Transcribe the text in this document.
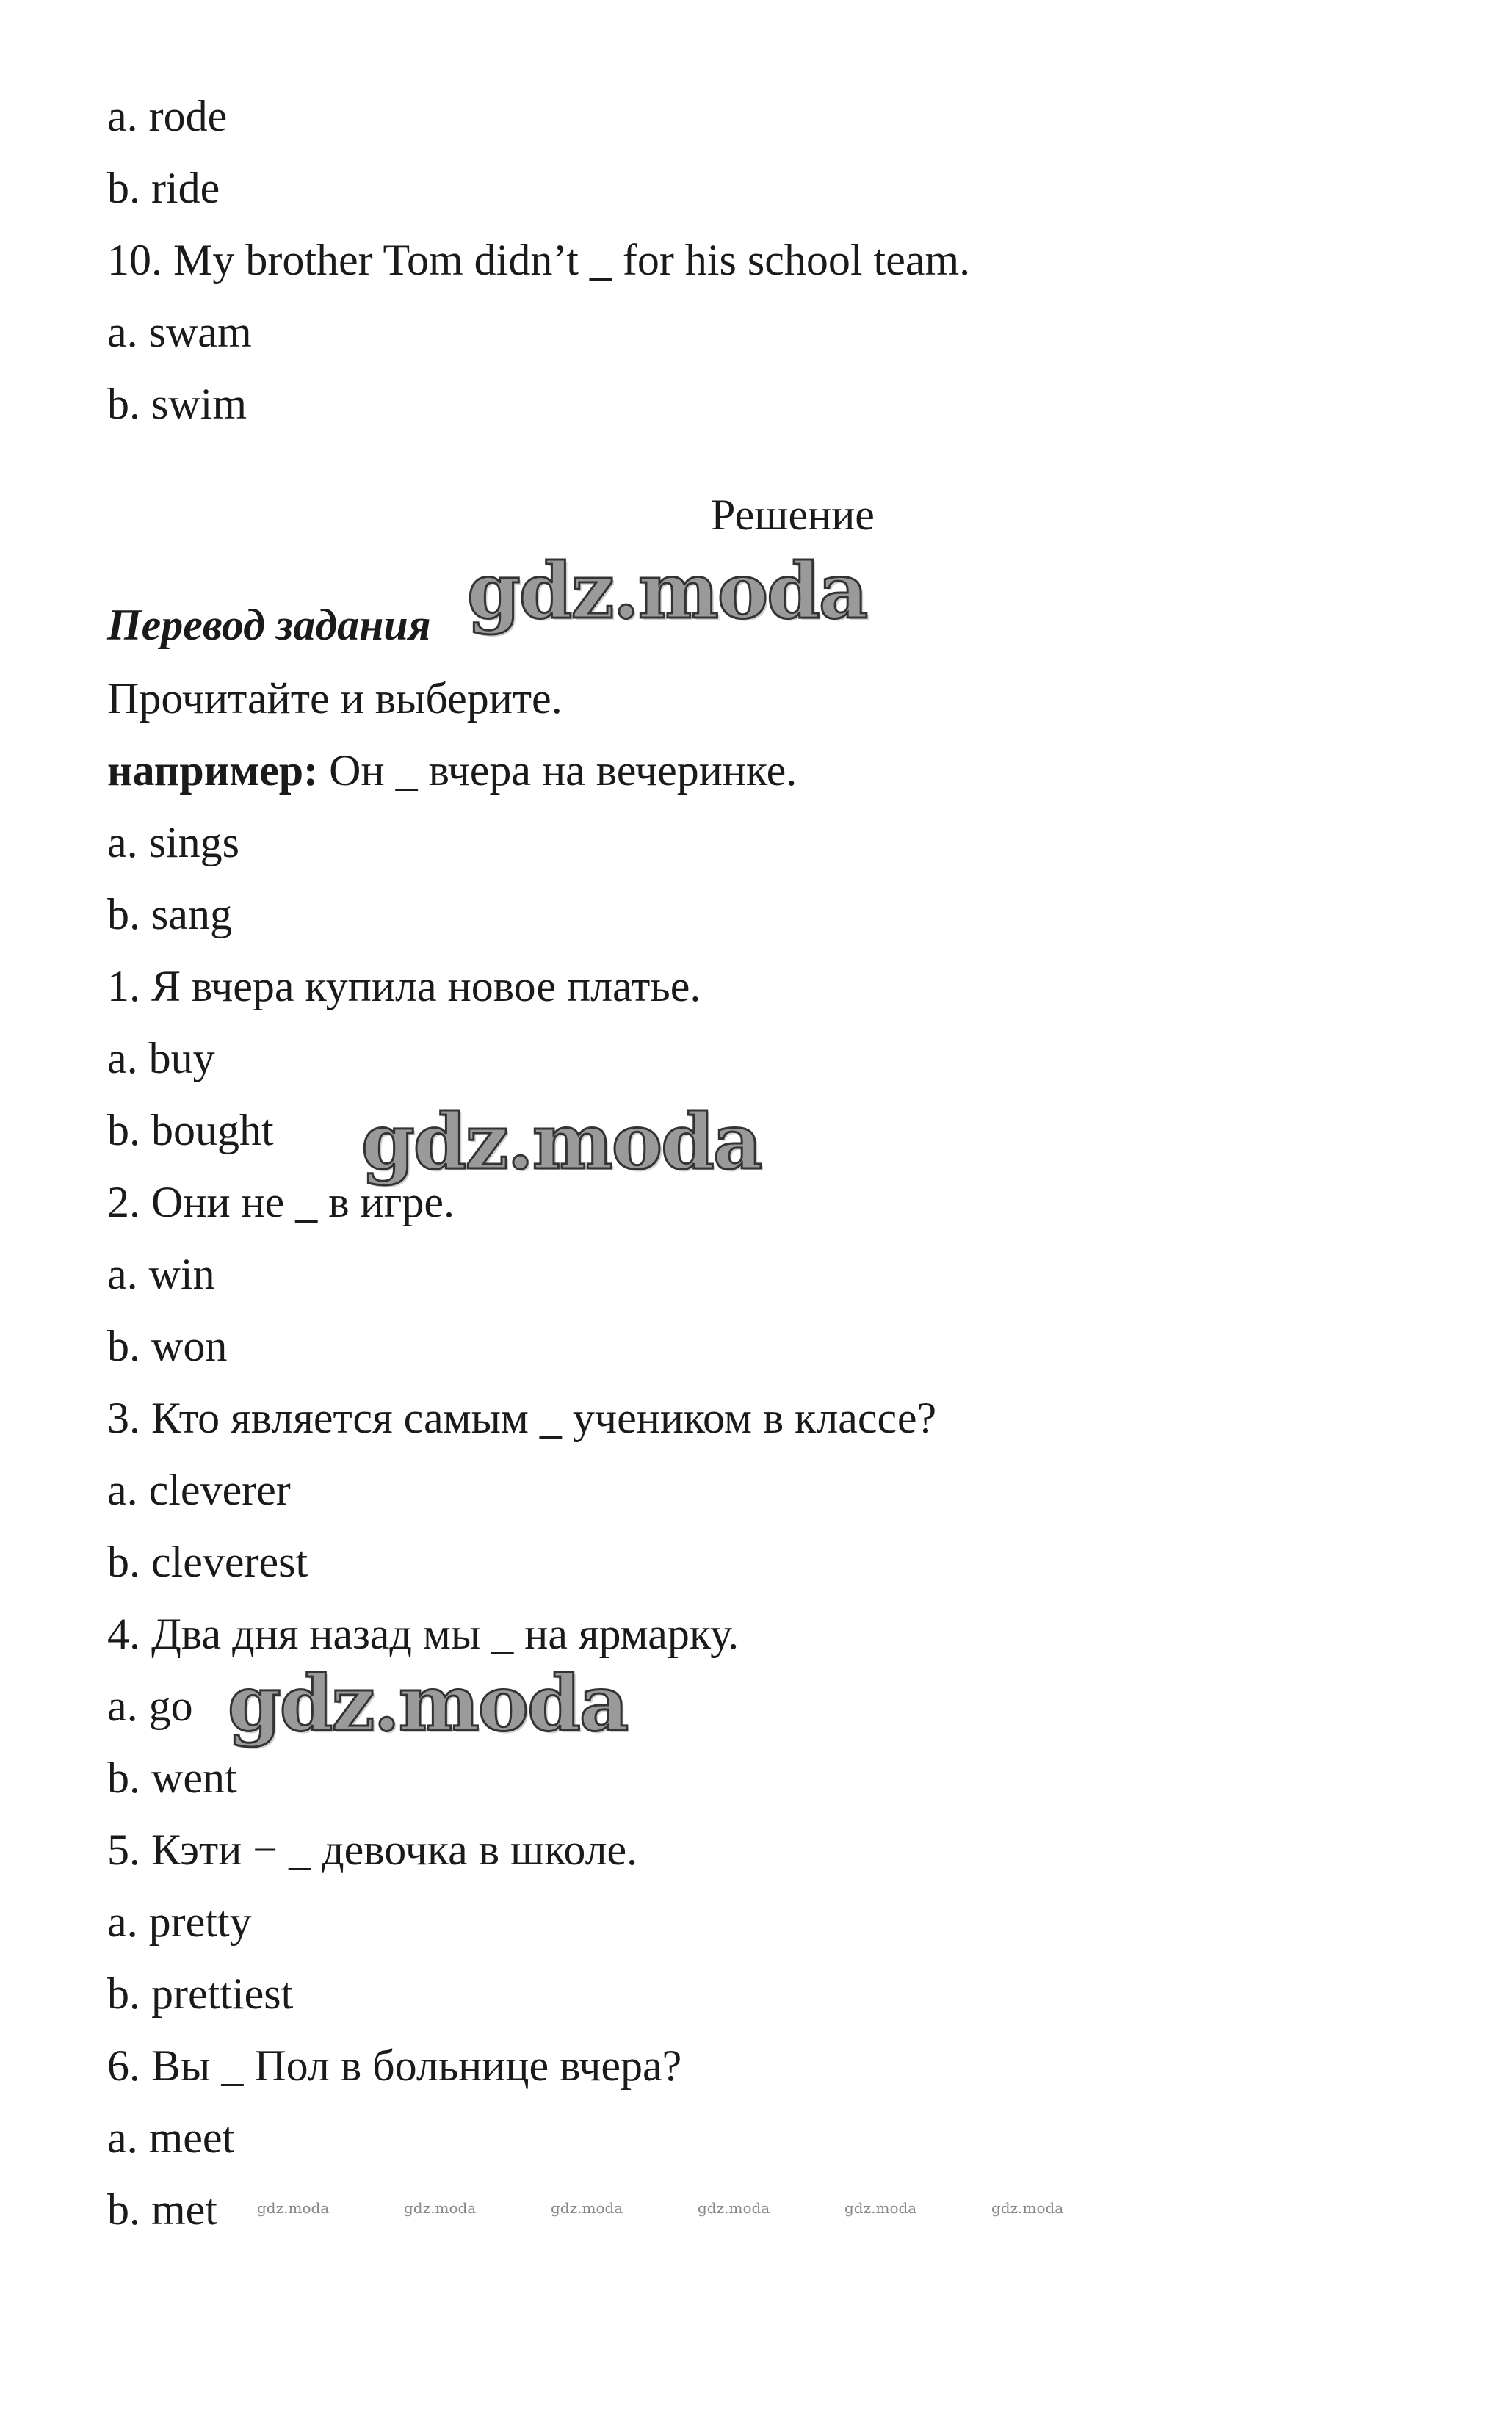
a. rode
b. ride
10. My brother Tom didn’t _ for his school team.
a. swam
b. swim
Решение
Перевод задания
Прочитайте и выберите.
например: Он _ вчера на вечеринке.
a. sings
b. sang
1. Я вчера купила новое платье.
a. buy
b. bought
2. Они не _ в игре.
a. win
b. won
3. Кто является самым _ учеником в классе?
a. cleverer
b. cleverest
4. Два дня назад мы _ на ярмарку.
a. go
b. went
5. Кэти − _ девочка в школе.
a. pretty
b. prettiest
6. Вы _ Пол в больнице вчера?
a. meet
b. met
gdz.moda
gdz.moda
gdz.moda
gdz.moda	gdz.moda	gdz.moda	gdz.moda	gdz.moda	gdz.moda
